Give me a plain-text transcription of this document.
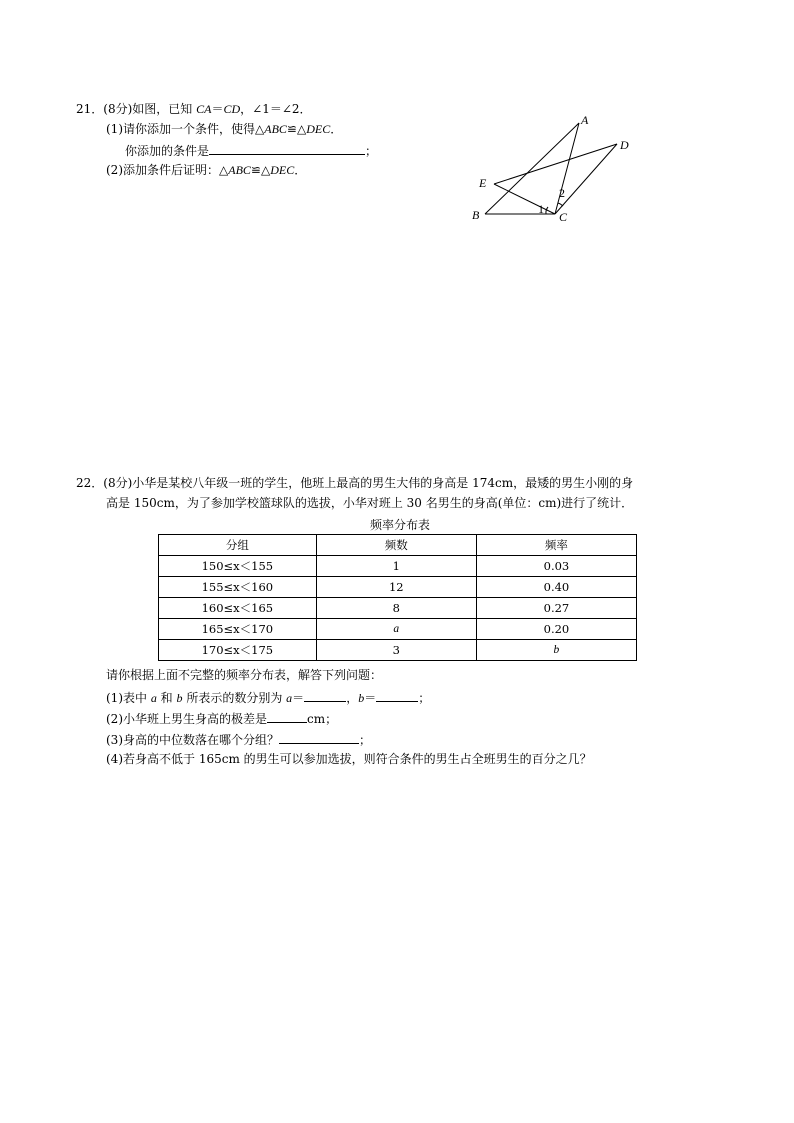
21．(8分)如图，已知 CA＝CD，∠1＝∠2．
(1)请你添加一个条件，使得△ABC≌△DEC．
你添加的条件是	；
(2)添加条件后证明：△ABC≌△DEC．
A
B	C
D
E
1
2
22．(8分)小华是某校八年级一班的学生，他班上最高的男生大伟的身高是 174cm，最矮的男生小刚的身
高是 150cm，为了参加学校篮球队的选拔，小华对班上 30 名男生的身高(单位：cm)进行了统计．
频率分布表
分组	频数	频率
150≤x＜155	1	0.03
155≤x＜160	12	0.40
160≤x＜165	8	0.27
165≤x＜170	a	0.20
170≤x＜175	3	b
请你根据上面不完整的频率分布表，解答下列问题：
(1)表中 a 和 b 所表示的数分别为 a＝	，b＝	；
(2)小华班上男生身高的极差是	cm；
(3)身高的中位数落在哪个分组？	；
(4)若身高不低于 165cm 的男生可以参加选拔，则符合条件的男生占全班男生的百分之几？
